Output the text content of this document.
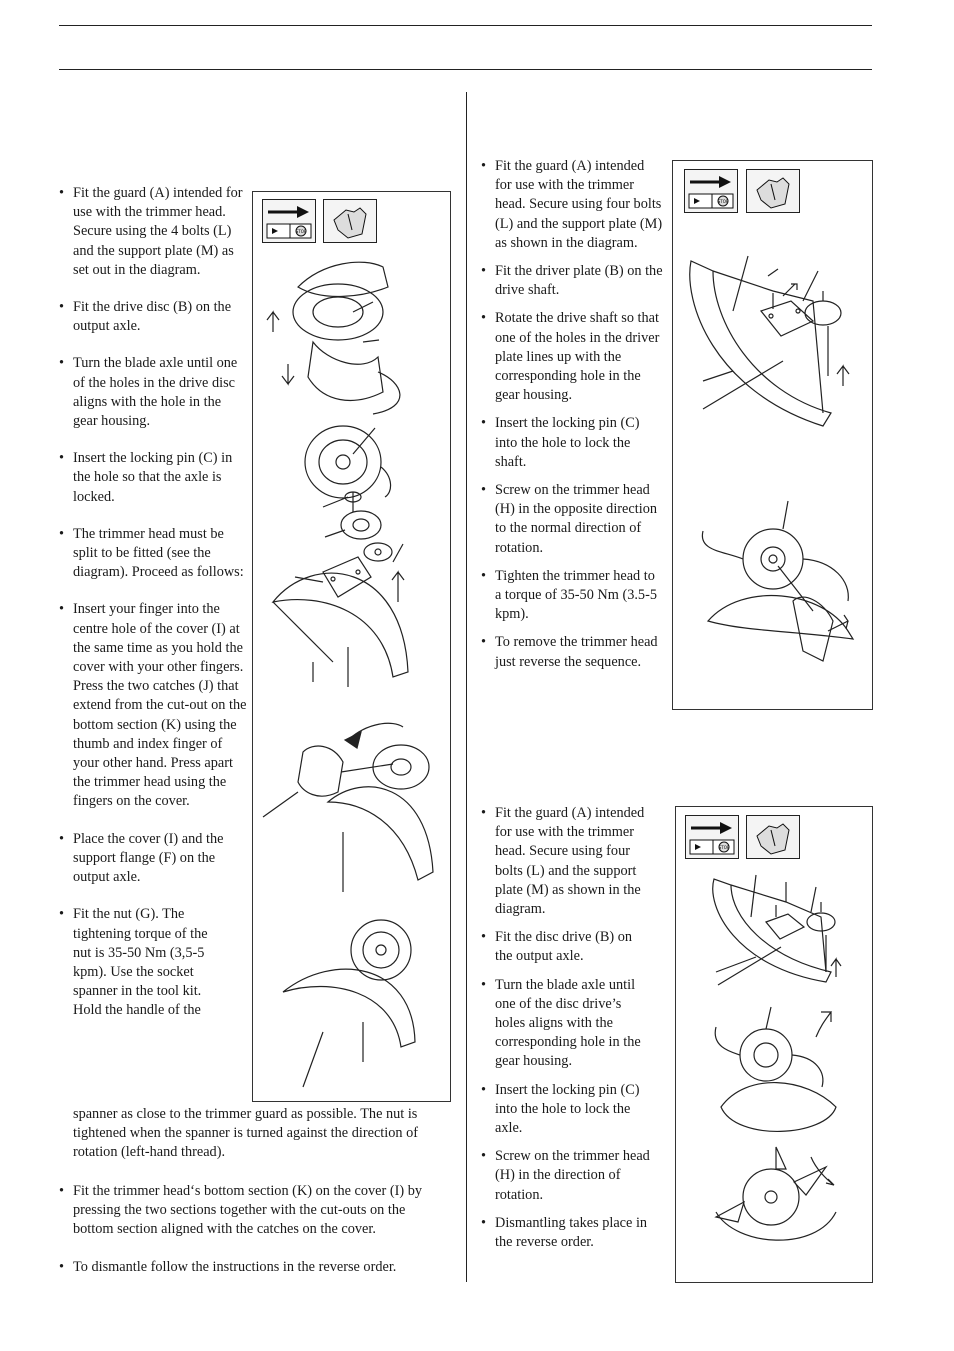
• Fit the guard (A) intended for use with the trimmer head. Secure using the 4 bolts (L) and the support plate (M) as set out in the diagram.
• Fit the drive disc (B) on the output axle.
• Turn the blade axle until one of the holes in the drive disc aligns with the hole in the gear housing.
• Insert the locking pin (C) in the hole so that the axle is locked.
• The trimmer head must be split to be fitted (see the diagram). Proceed as follows:
• Insert your finger into the centre hole of the cover (I) at the same time as you hold the cover with your other fingers. Press the two catches (J) that extend from the cut-out on the bottom section (K) using the thumb and index finger of your other hand. Press apart the trimmer head using the fingers on the cover.
• Place the cover (I) and the support flange (F) on the output axle.
• Fit the nut (G). The tightening torque of the nut is 35-50 Nm (3,5-5 kpm). Use the socket spanner in the tool kit. Hold the handle of the
spanner as close to the trimmer guard as possible. The nut is tightened when the spanner is turned against the direction of rotation (left-hand thread).
• Fit the trimmer head‘s bottom section (K) on the cover (I) by pressing the two sections together with the cut-outs on the bottom section aligned with the catches on the cover.
• To dismantle follow the instructions in the reverse order.
STOP
• Fit the guard (A) intended for use with the trimmer head. Secure using four bolts (L) and the support plate (M) as shown in the diagram.
• Fit the driver plate (B) on the drive shaft.
• Rotate the drive shaft so that one of the holes in the driver plate lines up with the corresponding hole in the gear housing.
• Insert the locking pin (C) into the hole to lock the shaft.
• Screw on the trimmer head (H) in the opposite direction to the normal direction of rotation.
• Tighten the trimmer head to a torque of 35-50 Nm (3.5-5 kpm).
• To remove the trimmer head just reverse the sequence.
STOP
• Fit the guard (A) intended for use with the trimmer head. Secure using four bolts (L) and the support plate (M) as shown in the diagram.
• Fit the disc drive (B) on the output axle.
• Turn the blade axle until one of the disc drive’s holes aligns with the corresponding hole in the gear housing.
• Insert the locking pin (C) into the hole to lock the axle.
• Screw on the trimmer head (H) in the direction of rotation.
• Dismantling takes place in the reverse order.
STOP
